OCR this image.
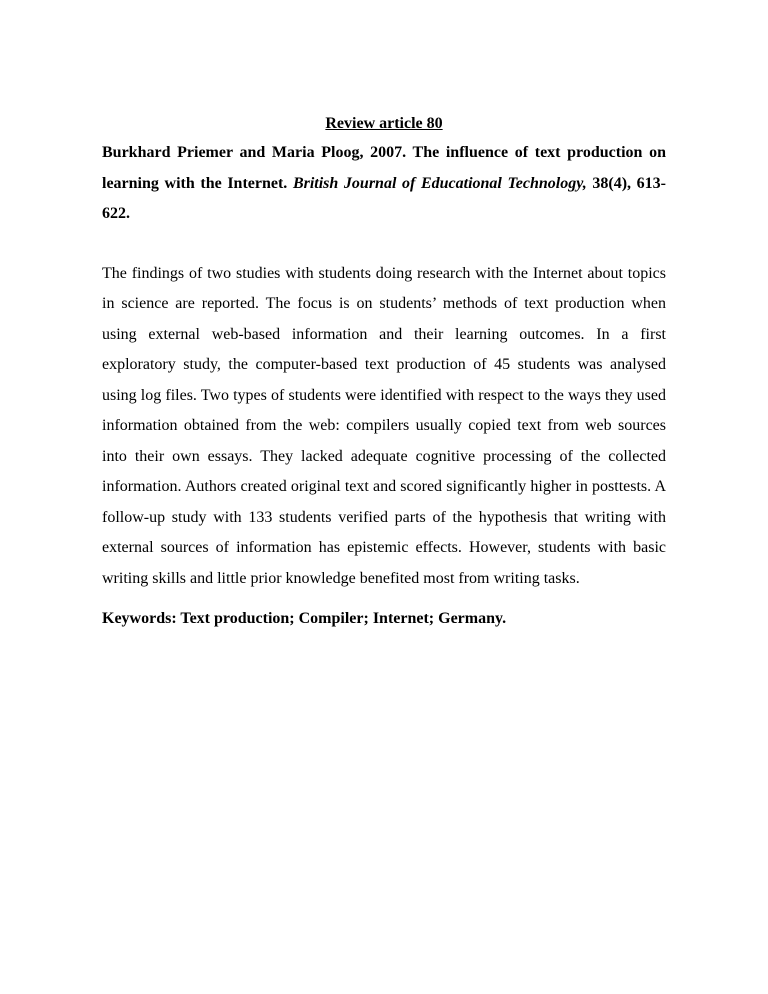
Review article 80
Burkhard Priemer and Maria Ploog, 2007. The influence of text production on learning with the Internet. British Journal of Educational Technology, 38(4), 613-622.
The findings of two studies with students doing research with the Internet about topics in science are reported. The focus is on students’ methods of text production when using external web-based information and their learning outcomes. In a first exploratory study, the computer-based text production of 45 students was analysed using log files. Two types of students were identified with respect to the ways they used information obtained from the web: compilers usually copied text from web sources into their own essays. They lacked adequate cognitive processing of the collected information. Authors created original text and scored significantly higher in posttests. A follow-up study with 133 students verified parts of the hypothesis that writing with external sources of information has epistemic effects. However, students with basic writing skills and little prior knowledge benefited most from writing tasks.
Keywords: Text production; Compiler; Internet; Germany.
